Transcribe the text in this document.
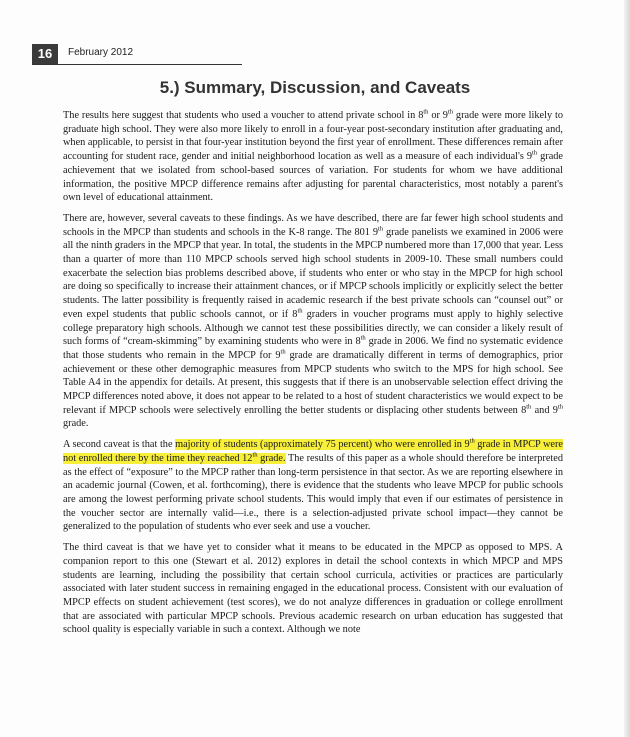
16	February 2012
5.) Summary, Discussion, and Caveats

The results here suggest that students who used a voucher to attend private school in 8th or 9th grade were more likely to graduate high school. They were also more likely to enroll in a four-year post-secondary institution after graduating and, when applicable, to persist in that four-year institution beyond the first year of enrollment. These differences remain after accounting for student race, gender and initial neighborhood location as well as a measure of each individual's 9th grade achievement that we isolated from school-based sources of variation. For students for whom we have additional information, the positive MPCP difference remains after adjusting for parental characteristics, most notably a parent's own level of educational attainment.

There are, however, several caveats to these findings. As we have described, there are far fewer high school students and schools in the MPCP than students and schools in the K-8 range. The 801 9th grade panelists we examined in 2006 were all the ninth graders in the MPCP that year. In total, the students in the MPCP numbered more than 17,000 that year. Less than a quarter of more than 110 MPCP schools served high school students in 2009-10. These small numbers could exacerbate the selection bias problems described above, if students who enter or who stay in the MPCP for high school are doing so specifically to increase their attainment chances, or if MPCP schools implicitly or explicitly select the better students. The latter possibility is frequently raised in academic research if the best private schools can “counsel out” or even expel students that public schools cannot, or if 8th graders in voucher programs must apply to highly selective college preparatory high schools. Although we cannot test these possibilities directly, we can consider a likely result of such forms of “cream-skimming” by examining students who were in 8th grade in 2006. We find no systematic evidence that those students who remain in the MPCP for 9th grade are dramatically different in terms of demographics, prior achievement or these other demographic measures from MPCP students who switch to the MPS for high school. See Table A4 in the appendix for details. At present, this suggests that if there is an unobservable selection effect driving the MPCP differences noted above, it does not appear to be related to a host of student characteristics we would expect to be relevant if MPCP schools were selectively enrolling the better students or displacing other students between 8th and 9th grade.

A second caveat is that the majority of students (approximately 75 percent) who were enrolled in 9th grade in MPCP were not enrolled there by the time they reached 12th grade. The results of this paper as a whole should therefore be interpreted as the effect of “exposure” to the MPCP rather than long-term persistence in that sector. As we are reporting elsewhere in an academic journal (Cowen, et al. forthcoming), there is evidence that the students who leave MPCP for public schools are among the lowest performing private school students. This would imply that even if our estimates of persistence in the voucher sector are internally valid—i.e., there is a selection-adjusted private school impact—they cannot be generalized to the population of students who ever seek and use a voucher.

The third caveat is that we have yet to consider what it means to be educated in the MPCP as opposed to MPS. A companion report to this one (Stewart et al. 2012) explores in detail the school contexts in which MPCP and MPS students are learning, including the possibility that certain school curricula, activities or practices are particularly associated with later student success in remaining engaged in the educational process. Consistent with our evaluation of MPCP effects on student achievement (test scores), we do not analyze differences in graduation or college enrollment that are associated with particular MPCP schools. Previous academic research on urban education has suggested that school quality is especially variable in such a context. Although we note
